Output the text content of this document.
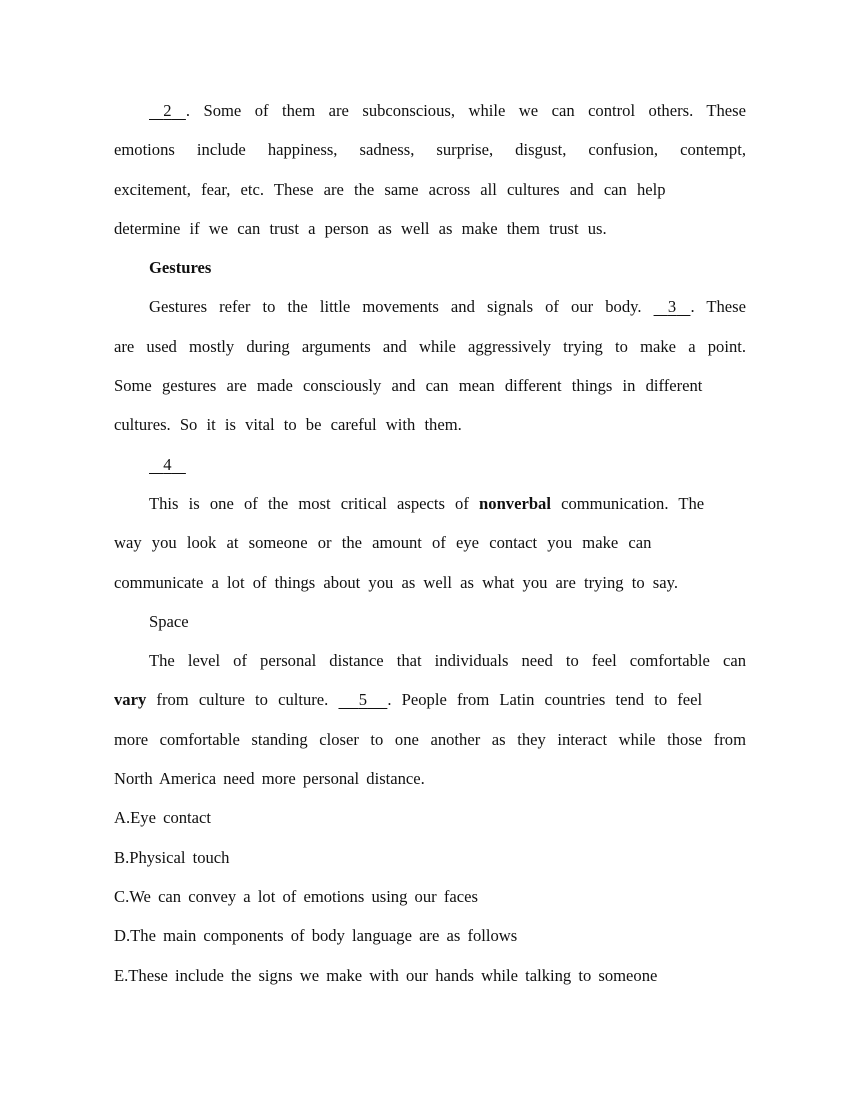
2 . Some of them are subconscious, while we can control others. These
emotions include happiness, sadness, surprise, disgust, confusion, contempt,
excitement, fear, etc. These are the same across all cultures and can help
determine if we can trust a person as well as make them trust us.
Gestures
Gestures refer to the little movements and signals of our body.   3 . These
are used mostly during arguments and while aggressively trying to make a point.
Some gestures are made consciously and can mean different things in different
cultures. So it is vital to be careful with them.
4
This is one of the most critical aspects of nonverbal communication. The
way you look at someone or the amount of eye contact you make can
communicate a lot of things about you as well as what you are trying to say.
Space
The level of personal distance that individuals need to feel comfortable can
vary from culture to culture.   5 . People from Latin countries tend to feel
more comfortable standing closer to one another as they interact while those from
North America need more personal distance.
A.Eye contact
B.Physical touch
C.We can convey a lot of emotions using our faces
D.The main components of body language are as follows
E.These include the signs we make with our hands while talking to someone
